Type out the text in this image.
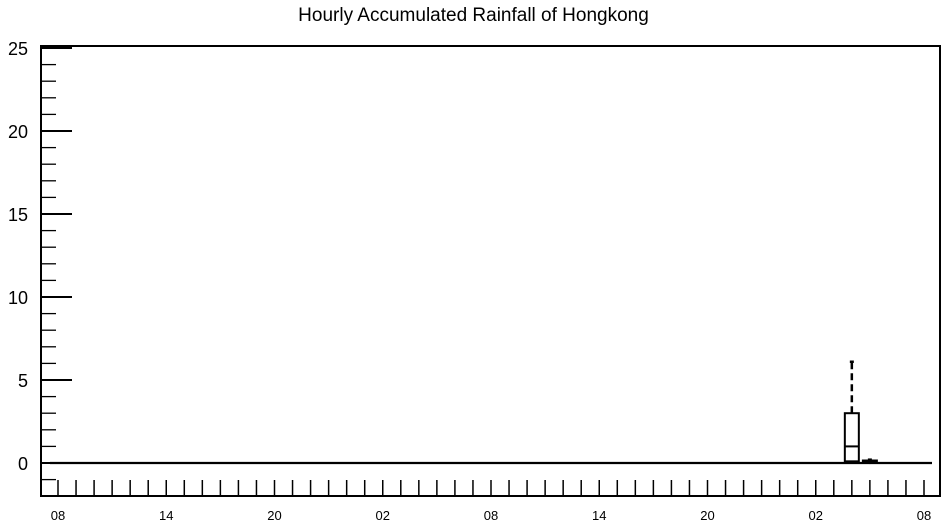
Hourly Accumulated Rainfall of Hongkong
0
5
10
15
20
25
08	14	20	02	08	14	20	02	08
